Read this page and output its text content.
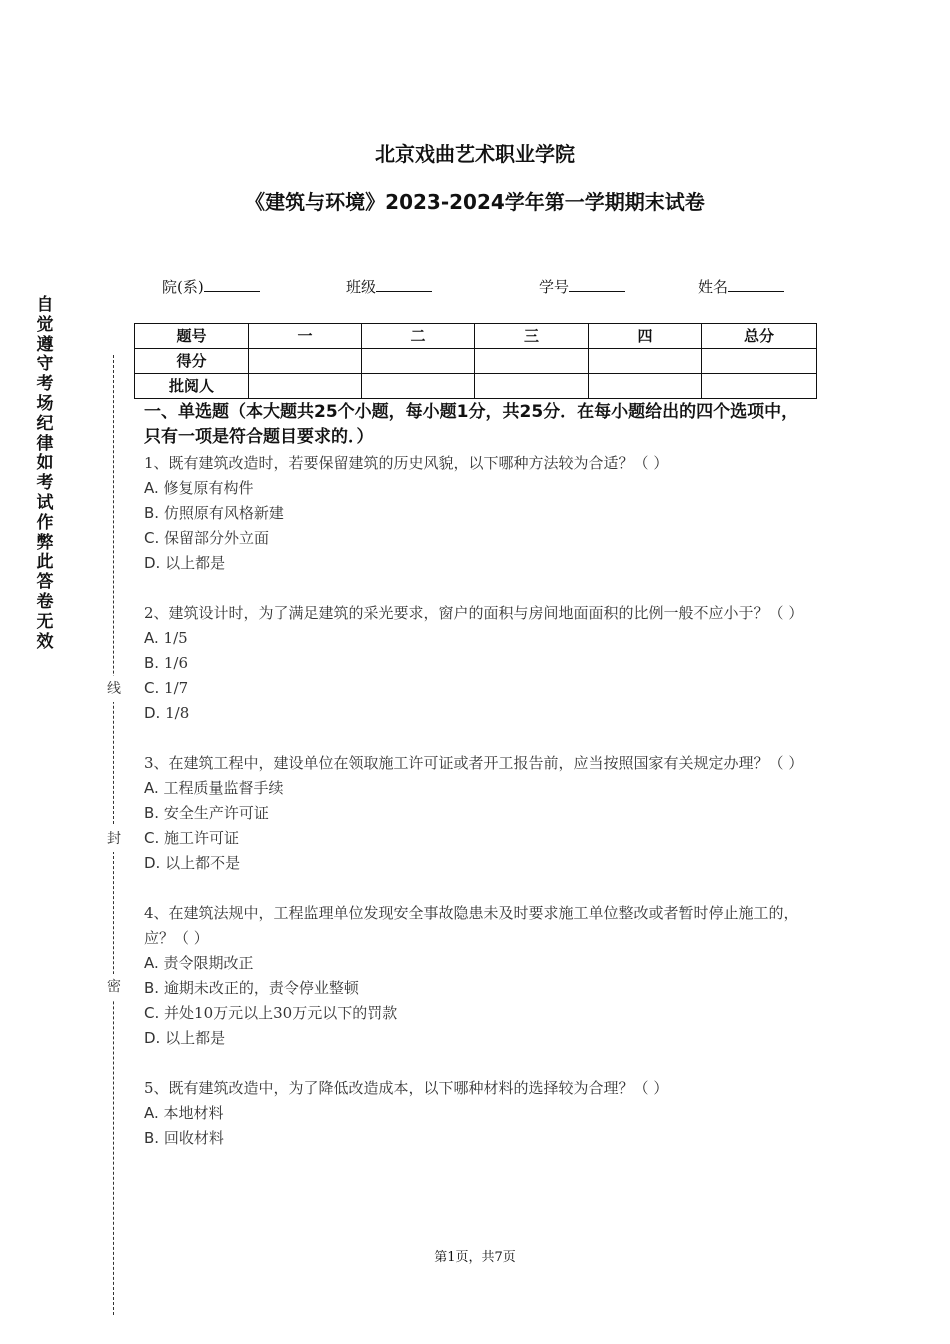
北京戏曲艺术职业学院
《建筑与环境》2023-2024学年第一学期期末试卷
院(系)	班级	学号	姓名
题号	一	二	三	四	总分
得分					
批阅人					
自觉遵守考场纪律如考试作弊此答卷无效
线
封
密
一、单选题（本大题共25个小题，每小题1分，共25分．在每小题给出的四个选项中，只有一项是符合题目要求的．）
1、既有建筑改造时，若要保留建筑的历史风貌，以下哪种方法较为合适？（ ）
A. 修复原有构件
B. 仿照原有风格新建
C. 保留部分外立面
D. 以上都是
2、建筑设计时，为了满足建筑的采光要求，窗户的面积与房间地面面积的比例一般不应小于？（ ）
A. 1/5
B. 1/6
C. 1/7
D. 1/8
3、在建筑工程中，建设单位在领取施工许可证或者开工报告前，应当按照国家有关规定办理？（ ）
A. 工程质量监督手续
B. 安全生产许可证
C. 施工许可证
D. 以上都不是
4、在建筑法规中，工程监理单位发现安全事故隐患未及时要求施工单位整改或者暂时停止施工的，应？（ ）
A. 责令限期改正
B. 逾期未改正的，责令停业整顿
C. 并处10万元以上30万元以下的罚款
D. 以上都是
5、既有建筑改造中，为了降低改造成本，以下哪种材料的选择较为合理？（ ）
A. 本地材料
B. 回收材料
第1页，共7页
